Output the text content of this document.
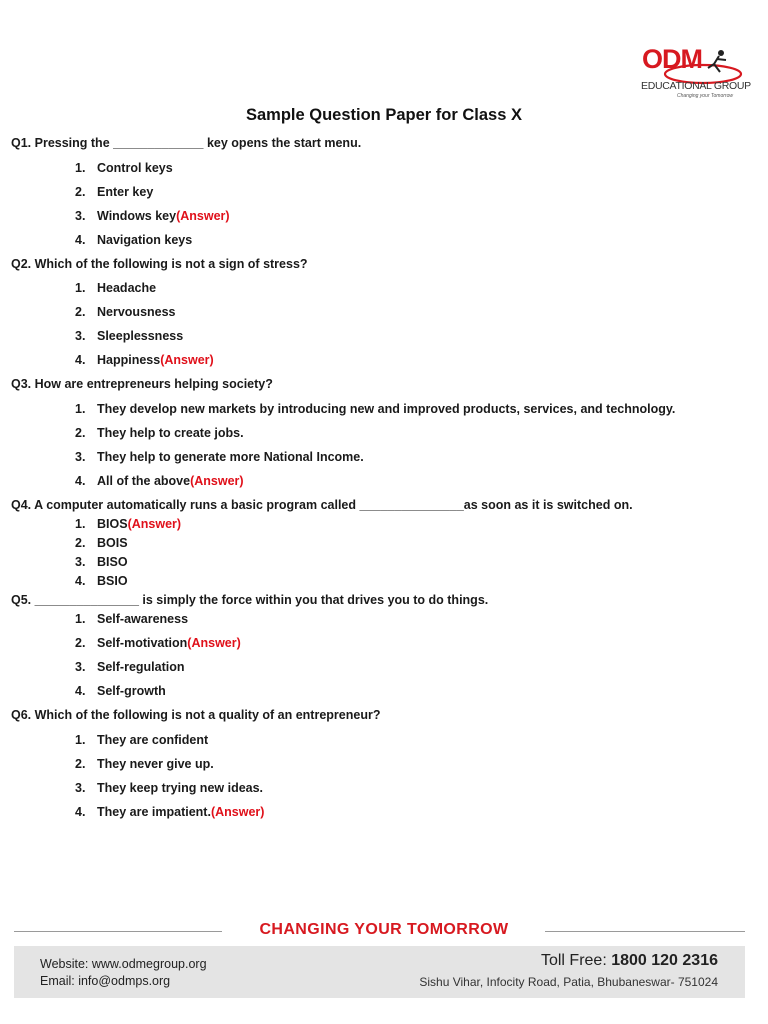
ODM
EDUCATIONAL GROUP
Changing your Tomorrow
Sample Question Paper for Class X
Q1. Pressing the _____________ key opens the start menu.
1. Control keys
2. Enter key
3. Windows key(Answer)
4. Navigation keys
Q2. Which of the following is not a sign of stress?
1. Headache
2. Nervousness
3. Sleeplessness
4. Happiness(Answer)
Q3. How are entrepreneurs helping society?
1. They develop new markets by introducing new and improved products, services, and technology.
2. They help to create jobs.
3. They help to generate more National Income.
4. All of the above(Answer)
Q4. A computer automatically runs a basic program called _______________as soon as it is switched on.
1. BIOS(Answer)
2. BOIS
3. BISO
4. BSIO
Q5. _______________ is simply the force within you that drives you to do things.
1. Self-awareness
2. Self-motivation(Answer)
3. Self-regulation
4. Self-growth
Q6. Which of the following is not a quality of an entrepreneur?
1. They are confident
2. They never give up.
3. They keep trying new ideas.
4. They are impatient.(Answer)
CHANGING YOUR TOMORROW
Website: www.odmegroup.org
Email: info@odmps.org
Toll Free: 1800 120 2316
Sishu Vihar, Infocity Road, Patia, Bhubaneswar- 751024
